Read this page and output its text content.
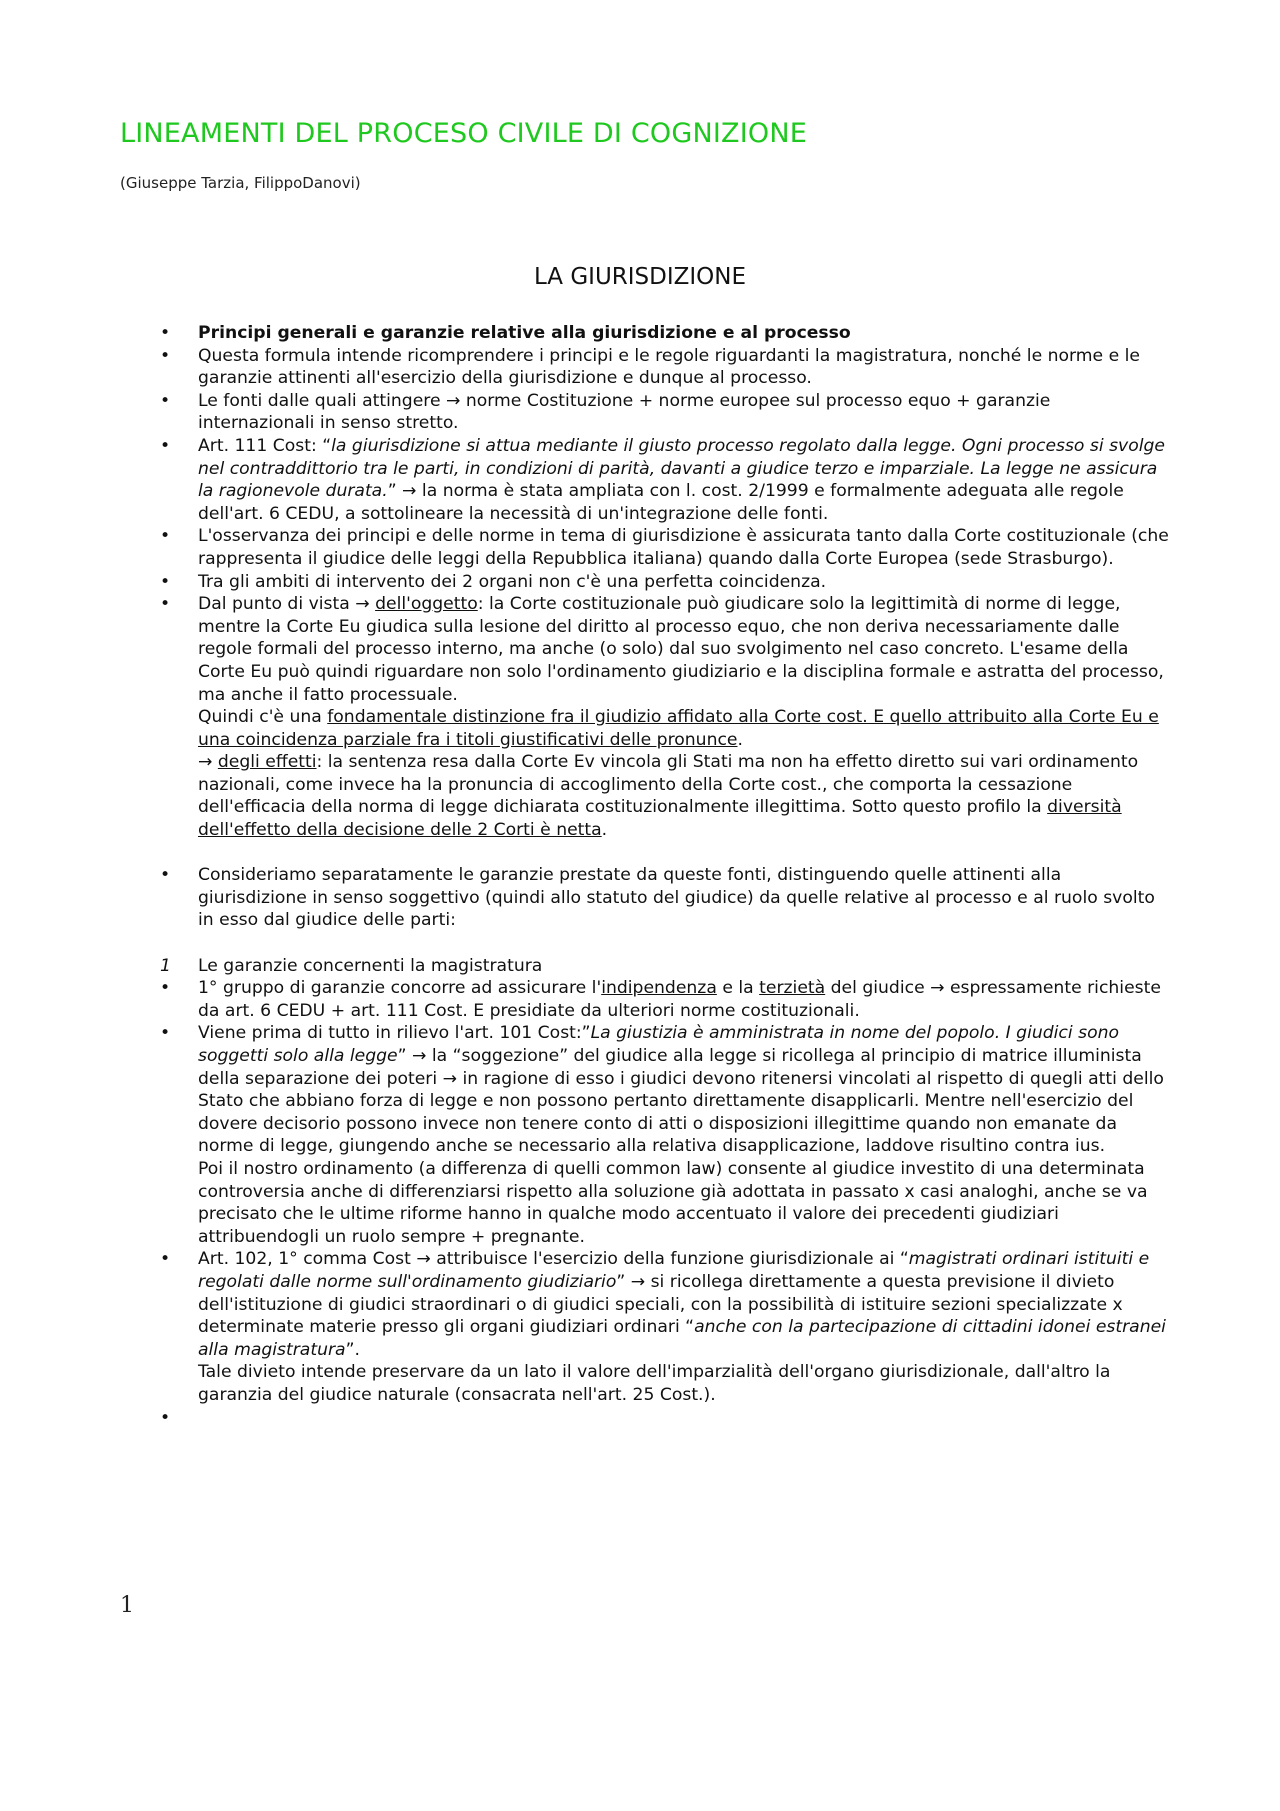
LINEAMENTI DEL PROCESO CIVILE DI COGNIZIONE
(Giuseppe Tarzia, FilippoDanovi)
LA GIURISDIZIONE
•	Principi generali e garanzie relative alla giurisdizione e al processo
•	Questa formula intende ricomprendere i principi e le regole riguardanti la magistratura, nonché le norme e le garanzie attinenti all'esercizio della giurisdizione e dunque al processo.
•	Le fonti dalle quali attingere → norme Costituzione + norme europee sul processo equo + garanzie internazionali in senso stretto.
•	Art. 111 Cost: “la giurisdizione si attua mediante il giusto processo regolato dalla legge. Ogni processo si svolge nel contraddittorio tra le parti, in condizioni di parità, davanti a giudice terzo e imparziale. La legge ne assicura la ragionevole durata.” → la norma è stata ampliata con l. cost. 2/1999 e formalmente adeguata alle regole dell'art. 6 CEDU, a sottolineare la necessità di un'integrazione delle fonti.
•	L'osservanza dei principi e delle norme in tema di giurisdizione è assicurata tanto dalla Corte costituzionale (che rappresenta il giudice delle leggi della Repubblica italiana) quando dalla Corte Europea (sede Strasburgo).
•	Tra gli ambiti di intervento dei 2 organi non c'è una perfetta coincidenza.
•	Dal punto di vista → dell'oggetto: la Corte costituzionale può giudicare solo la legittimità di norme di legge, mentre la Corte Eu giudica sulla lesione del diritto al processo equo, che non deriva necessariamente dalle regole formali del processo interno, ma anche (o solo) dal suo svolgimento nel caso concreto. L'esame della Corte Eu può quindi riguardare non solo l'ordinamento giudiziario e la disciplina formale e astratta del processo, ma anche il fatto processuale.
Quindi c'è una fondamentale distinzione fra il giudizio affidato alla Corte cost. E quello attribuito alla Corte Eu e una coincidenza parziale fra i titoli giustificativi delle pronunce.
→ degli effetti: la sentenza resa dalla Corte Ev vincola gli Stati ma non ha effetto diretto sui vari ordinamento nazionali, come invece ha la pronuncia di accoglimento della Corte cost., che comporta la cessazione dell'efficacia della norma di legge dichiarata costituzionalmente illegittima. Sotto questo profilo la diversità dell'effetto della decisione delle 2 Corti è netta.
•	Consideriamo separatamente le garanzie prestate da queste fonti, distinguendo quelle attinenti alla giurisdizione in senso soggettivo (quindi allo statuto del giudice) da quelle relative al processo e al ruolo svolto in esso dal giudice delle parti:
1	Le garanzie concernenti la magistratura
•	1° gruppo di garanzie concorre ad assicurare l'indipendenza e la terzietà del giudice → espressamente richieste da art. 6 CEDU + art. 111 Cost. E presidiate da ulteriori norme costituzionali.
•	Viene prima di tutto in rilievo l'art. 101 Cost:”La giustizia è amministrata in nome del popolo. I giudici sono soggetti solo alla legge” → la “soggezione” del giudice alla legge si ricollega al principio di matrice illuminista della separazione dei poteri → in ragione di esso i giudici devono ritenersi vincolati al rispetto di quegli atti dello Stato che abbiano forza di legge e non possono pertanto direttamente disapplicarli. Mentre nell'esercizio del dovere decisorio possono invece non tenere conto di atti o disposizioni illegittime quando non emanate da norme di legge, giungendo anche se necessario alla relativa disapplicazione, laddove risultino contra ius.
Poi il nostro ordinamento (a differenza di quelli common law) consente al giudice investito di una determinata controversia anche di differenziarsi rispetto alla soluzione già adottata in passato x casi analoghi, anche se va precisato che le ultime riforme hanno in qualche modo accentuato il valore dei precedenti giudiziari attribuendogli un ruolo sempre + pregnante.
•	Art. 102, 1° comma Cost → attribuisce l'esercizio della funzione giurisdizionale ai “magistrati ordinari istituiti e regolati dalle norme sull'ordinamento giudiziario” → si ricollega direttamente a questa previsione il divieto dell'istituzione di giudici straordinari o di giudici speciali, con la possibilità di istituire sezioni specializzate x determinate materie presso gli organi giudiziari ordinari “anche con la partecipazione di cittadini idonei estranei alla magistratura”.
Tale divieto intende preservare da un lato il valore dell'imparzialità dell'organo giurisdizionale, dall'altro la garanzia del giudice naturale (consacrata nell'art. 25 Cost.).
•

1
